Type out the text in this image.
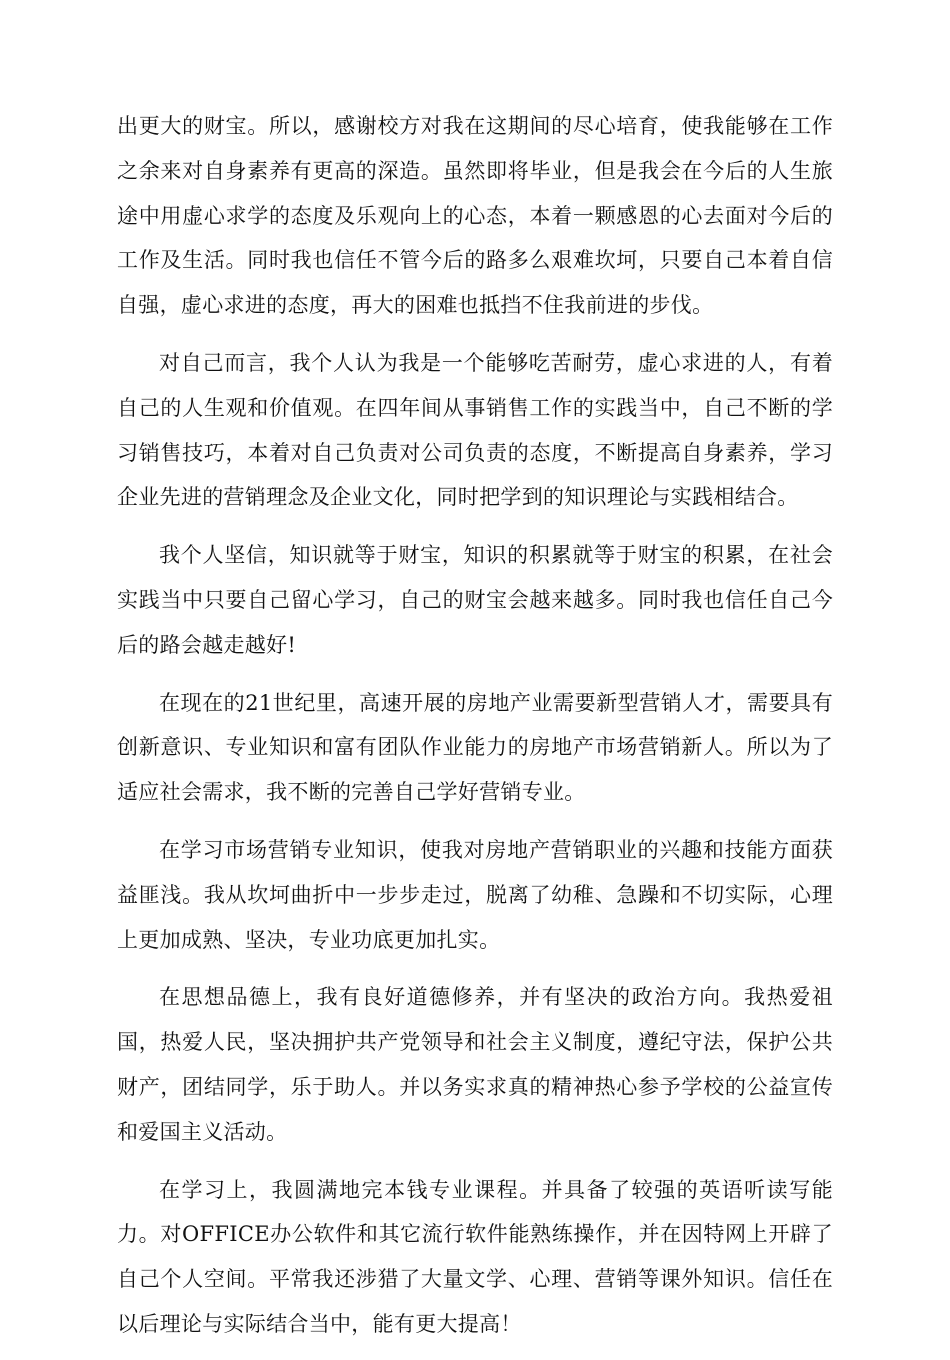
出更大的财宝。所以，感谢校方对我在这期间的尽心培育，使我能够在工作之余来对自身素养有更高的深造。虽然即将毕业，但是我会在今后的人生旅途中用虚心求学的态度及乐观向上的心态，本着一颗感恩的心去面对今后的工作及生活。同时我也信任不管今后的路多么艰难坎坷，只要自己本着自信自强，虚心求进的态度，再大的困难也抵挡不住我前进的步伐。

对自己而言，我个人认为我是一个能够吃苦耐劳，虚心求进的人，有着自己的人生观和价值观。在四年间从事销售工作的实践当中，自己不断的学习销售技巧，本着对自己负责对公司负责的态度，不断提高自身素养，学习企业先进的营销理念及企业文化，同时把学到的知识理论与实践相结合。

我个人坚信，知识就等于财宝，知识的积累就等于财宝的积累，在社会实践当中只要自己留心学习，自己的财宝会越来越多。同时我也信任自己今后的路会越走越好!

在现在的21世纪里，高速开展的房地产业需要新型营销人才，需要具有创新意识、专业知识和富有团队作业能力的房地产市场营销新人。所以为了适应社会需求，我不断的完善自己学好营销专业。

在学习市场营销专业知识，使我对房地产营销职业的兴趣和技能方面获益匪浅。我从坎坷曲折中一步步走过，脱离了幼稚、急躁和不切实际，心理上更加成熟、坚决，专业功底更加扎实。

在思想品德上，我有良好道德修养，并有坚决的政治方向。我热爱祖国，热爱人民，坚决拥护共产党领导和社会主义制度，遵纪守法，保护公共财产，团结同学，乐于助人。并以务实求真的精神热心参予学校的公益宣传和爱国主义活动。

在学习上，我圆满地完本钱专业课程。并具备了较强的英语听读写能力。对OFFICE办公软件和其它流行软件能熟练操作，并在因特网上开辟了自己个人空间。平常我还涉猎了大量文学、心理、营销等课外知识。信任在以后理论与实际结合当中，能有更大提高！
